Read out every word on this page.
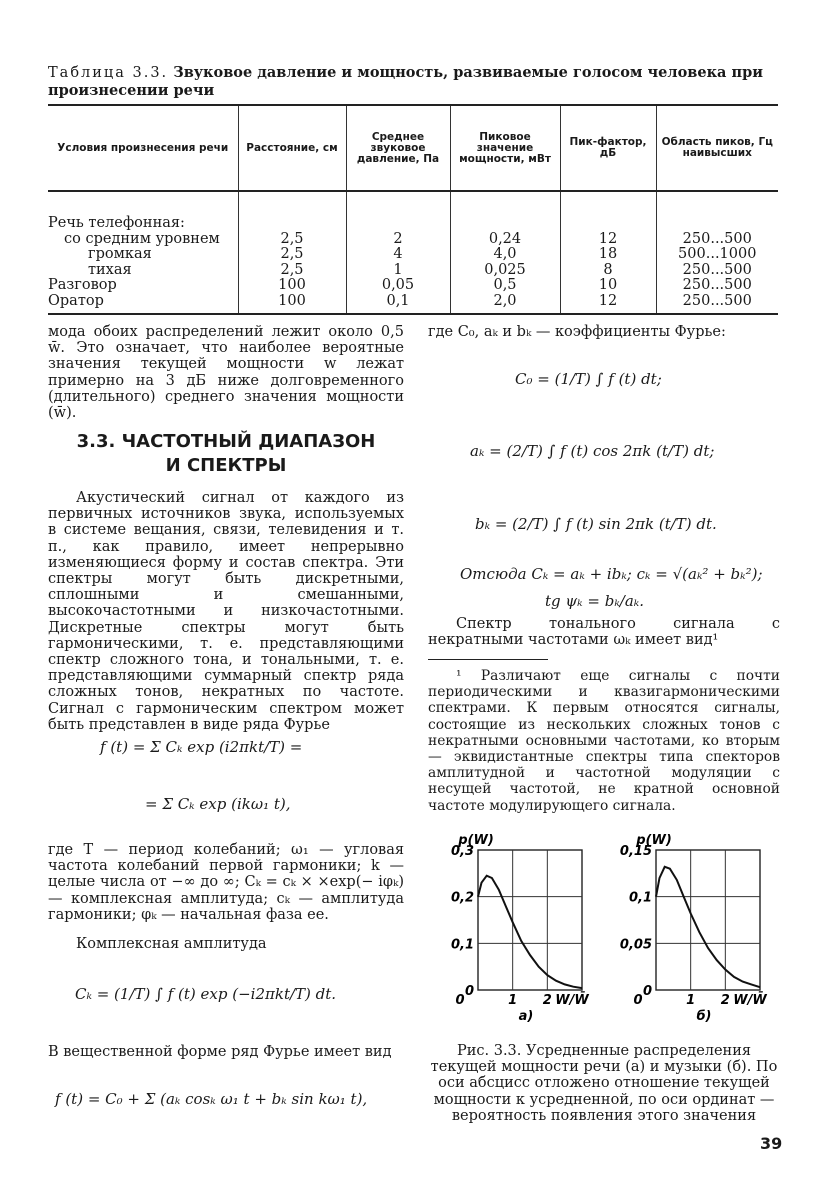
Таблица 3.3. Звуковое давление и мощность, развиваемые голосом человека при произнесении речи
Условия произнесения речи	Расстояние, см	Среднее звуковое давление, Па	Пиковое значение мощности, мВт	Пик-фактор, дБ	Область пиков, Гц наивысших
Речь телефонная:					
со средним уровнем	2,5	2	0,24	12	250...500
громкая	2,5	4	4,0	18	500...1000
тихая	2,5	1	0,025	8	250...500
Разговор	100	0,05	0,5	10	250...500
Оратор	100	0,1	2,0	12	250...500
мода обоих распределений лежит около 0,5 w̄. Это означает, что наиболее вероятные значения текущей мощности w лежат примерно на 3 дБ ниже долговременного (длительного) среднего значения мощности (w̄).
3.3. ЧАСТОТНЫЙ ДИАПАЗОН
И СПЕКТРЫ
Акустический сигнал от каждого из первичных источников звука, используемых в системе вещания, связи, телевидения и т. п., как правило, имеет непрерывно изменяющиеся форму и состав спектра. Эти спектры могут быть дискретными, сплошными и смешанными, высокочастотными и низкочастотными. Дискретные спектры могут быть гармоническими, т. е. представляющими спектр сложного тона, и тональными, т. е. представляющими суммарный спектр ряда сложных тонов, некратных по частоте. Сигнал с гармоническим спектром может быть представлен в виде ряда Фурье
f (t) = Σ Cₖ exp (i2πkt/T) =
= Σ Cₖ exp (ikω₁ t),
где T — период колебаний; ω₁ — угловая частота колебаний первой гармоники; k — целые числа от −∞ до ∞; Cₖ = cₖ × ×exp(− iφₖ) — комплексная амплитуда; cₖ — амплитуда гармоники; φₖ — начальная фаза ее.
Комплексная амплитуда
Cₖ = (1/T) ∫ f (t) exp (−i2πkt/T) dt.
В вещественной форме ряд Фурье имеет вид
f (t) = C₀ + Σ (aₖ cosₖ ω₁ t + bₖ sin kω₁ t),
где C₀, aₖ и bₖ — коэффициенты Фурье:
C₀ = (1/T) ∫ f (t) dt;
aₖ = (2/T) ∫ f (t) cos 2πk (t/T) dt;
bₖ = (2/T) ∫ f (t) sin 2πk (t/T) dt.
Отсюда Cₖ = aₖ + ibₖ; cₖ = √(aₖ² + bₖ²);
tg ψₖ = bₖ/aₖ.
Спектр тонального сигнала с некратными частотами ωₖ имеет вид¹
¹ Различают еще сигналы с почти периодическими и квазигармоническими спектрами. К первым относятся сигналы, состоящие из нескольких сложных тонов с некратными основными частотами, ко вторым — эквидистантные спектры типа спекторов амплитудной и частотной модуляции с несущей частотой, не кратной основной частоте модулирующего сигнала.
0,3
0,2
0,1
0
0	1 2 W/W̄
p(W)
а)
0,15
0,1
0,05
0
0	1 2 W/W̄
p(W)
б)
Рис. 3.3. Усредненные распределения текущей мощности речи (а) и музыки (б). По оси абсцисс отложено отношение текущей мощности к усредненной, по оси ординат — вероятность появления этого значения
39
